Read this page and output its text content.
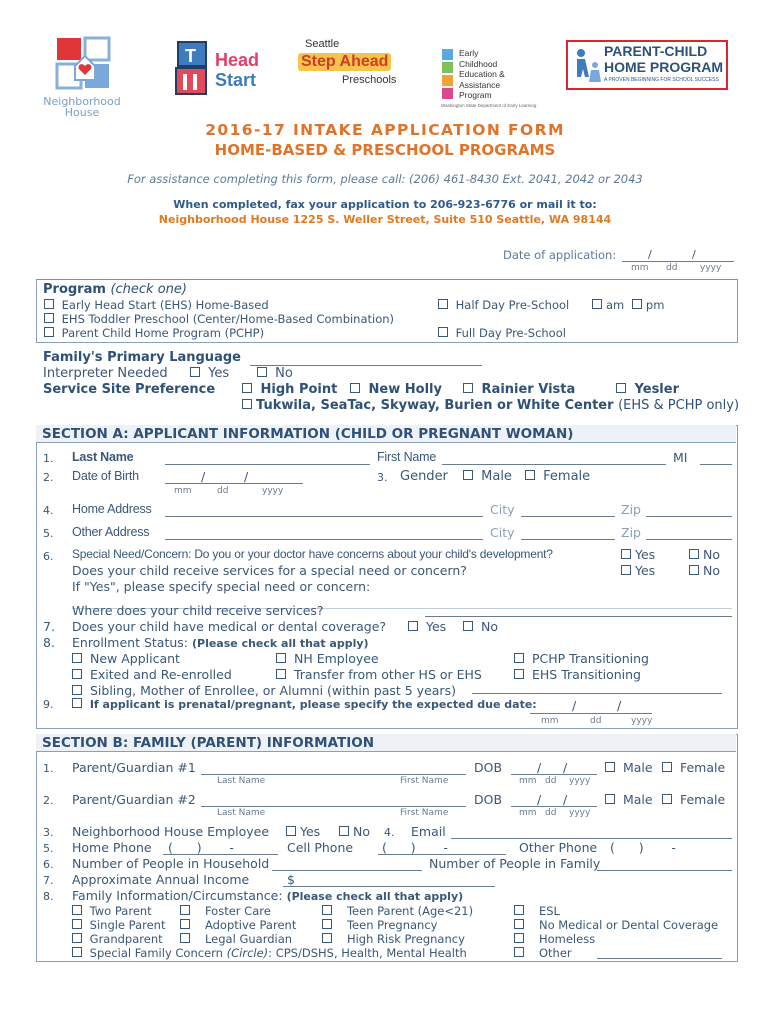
Neighborhood
House
T Head
Start
Seattle
Step Ahead
Preschools
Early
Childhood
Education &
Assistance
Program
Washington State Department of Early Learning
PARENT-CHILD
HOME PROGRAM
A PROVEN BEGINNING FOR SCHOOL SUCCESS
2016-17 INTAKE APPLICATION FORM
HOME-BASED & PRESCHOOL PROGRAMS
For assistance completing this form, please call: (206) 461-8430 Ext. 2041, 2042 or 2043
When completed, fax your application to 206-923-6776 or mail it to:
Neighborhood House 1225 S. Weller Street, Suite 510 Seattle, WA 98144
Date of application:	/	/
mm dd	yyyy
Program (check one)
Early Head Start (EHS) Home-Based
EHS Toddler Preschool (Center/Home-Based Combination)
Parent Child Home Program (PCHP)
Half Day Pre-School	am pm
Full Day Pre-School
Family's Primary Language
Interpreter Needed	Yes	No
Service Site Preference	High Point	New Holly	Rainier Vista	Yesler
Tukwila, SeaTac, Skyway, Burien or White Center (EHS & PCHP only)
SECTION A: APPLICANT INFORMATION (CHILD OR PREGNANT WOMAN)
1. Last Name	First Name	MI
2. Date of Birth	/	/
mm	dd	yyyy
3. Gender	Male	Female
4. Home Address	City	Zip
5. Other Address	City	Zip
6. Special Need/Concern: Do you or your doctor have concerns about your child's development?	Yes	No
Does your child receive services for a special need or concern?	Yes	No
If "Yes", please specify special need or concern:
Where does your child receive services?
7. Does your child have medical or dental coverage?	Yes	No
8. Enrollment Status: (Please check all that apply)
New Applicant	NH Employee	PCHP Transitioning
Exited and Re-enrolled	Transfer from other HS or EHS	EHS Transitioning
Sibling, Mother of Enrollee, or Alumni (within past 5 years)
9.	If applicant is prenatal/pregnant, please specify the expected due date:	/	/
mm	dd	yyyy
SECTION B: FAMILY (PARENT) INFORMATION
1. Parent/Guardian #1
Last Name	First Name
DOB	/ /
mm dd yyyy
Male	Female
2. Parent/Guardian #2
Last Name	First Name
DOB	/ /
mm dd yyyy
Male	Female
3. Neighborhood House Employee	Yes	No 4. Email
5. Home Phone (      )       -	Cell Phone (      )       -	Other Phone (      )       -
6. Number of People in Household	Number of People in Family
7. Approximate Annual Income	$
8. Family Information/Circumstance: (Please check all that apply)
Two Parent	Foster Care	Teen Parent (Age<21)	ESL
Single Parent	Adoptive Parent	Teen Pregnancy	No Medical or Dental Coverage
Grandparent	Legal Guardian	High Risk Pregnancy	Homeless
Special Family Concern (Circle): CPS/DSHS, Health, Mental Health	Other
